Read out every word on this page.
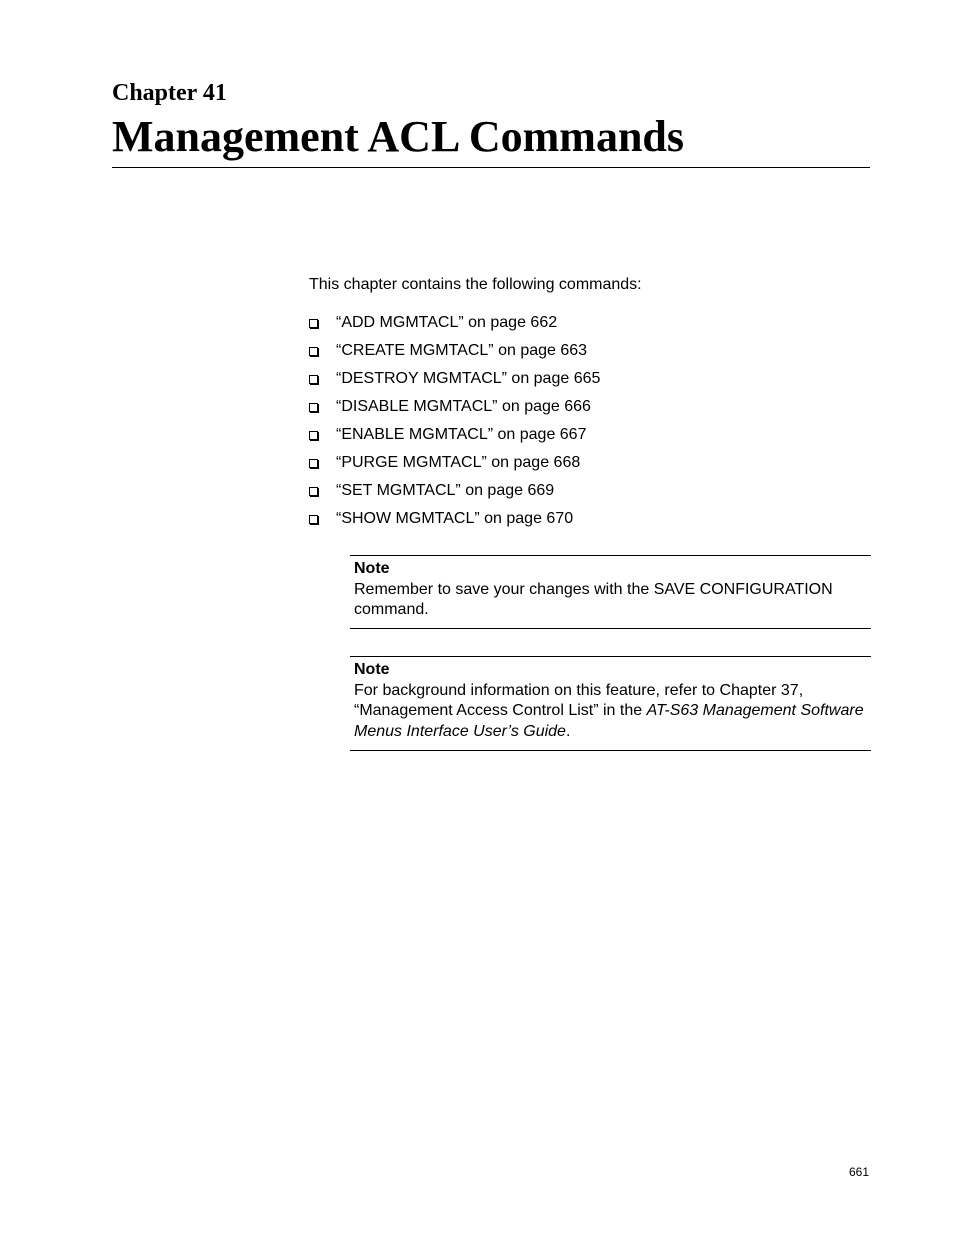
Chapter 41
Management ACL Commands

This chapter contains the following commands:

“ADD MGMTACL” on page 662
“CREATE MGMTACL” on page 663
“DESTROY MGMTACL” on page 665
“DISABLE MGMTACL” on page 666
“ENABLE MGMTACL” on page 667
“PURGE MGMTACL” on page 668
“SET MGMTACL” on page 669
“SHOW MGMTACL” on page 670
Note
Remember to save your changes with the SAVE CONFIGURATION command.
Note
For background information on this feature, refer to Chapter 37, “Management Access Control List” in the AT-S63 Management Software Menus Interface User’s Guide.
661
